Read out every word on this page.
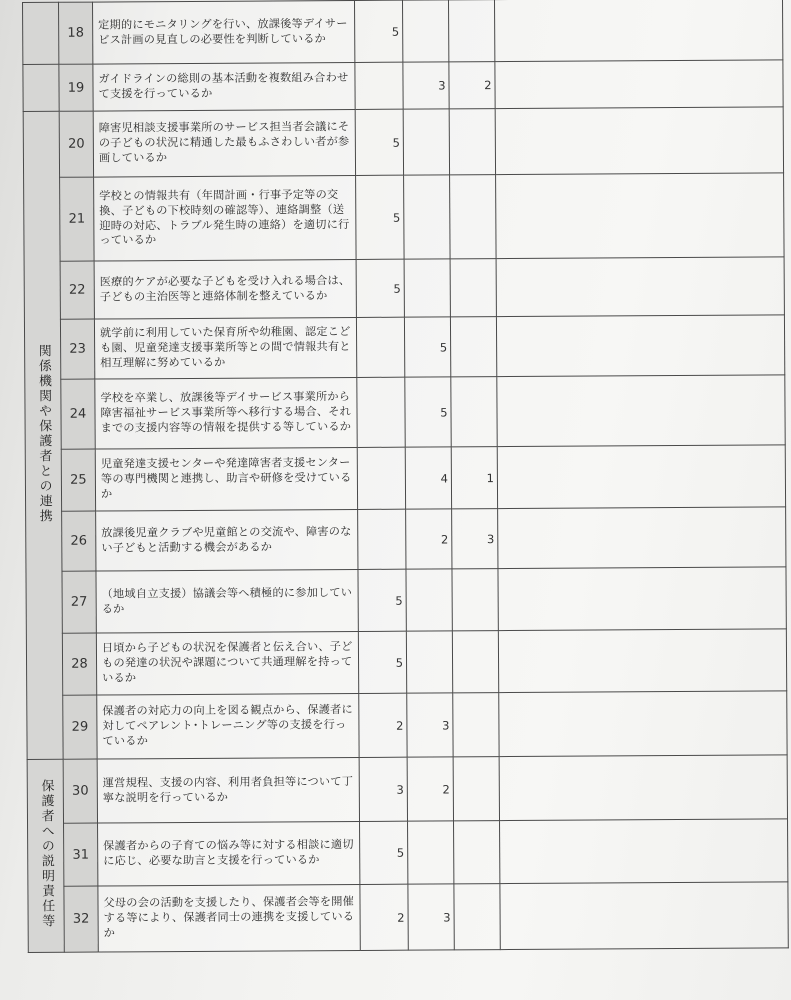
	18	定期的にモニタリングを行い、放課後等デイサービス計画の見直しの必要性を判断しているか	5			
	19	ガイドラインの総則の基本活動を複数組み合わせて支援を行っているか		3	2	
関係機関や保護者との連携	20	障害児相談支援事業所のサービス担当者会議にその子どもの状況に精通した最もふさわしい者が参画しているか	5			
	21	学校との情報共有（年間計画・行事予定等の交換、子どもの下校時刻の確認等）、連絡調整（送迎時の対応、トラブル発生時の連絡）を適切に行っているか	5			
	22	医療的ケアが必要な子どもを受け入れる場合は、子どもの主治医等と連絡体制を整えているか	5			
	23	就学前に利用していた保育所や幼稚園、認定こども園、児童発達支援事業所等との間で情報共有と相互理解に努めているか		5		
	24	学校を卒業し、放課後等デイサービス事業所から障害福祉サービス事業所等へ移行する場合、それまでの支援内容等の情報を提供する等しているか		5		
	25	児童発達支援センターや発達障害者支援センター等の専門機関と連携し、助言や研修を受けているか		4	1	
	26	放課後児童クラブや児童館との交流や、障害のない子どもと活動する機会があるか		2	3	
	27	（地域自立支援）協議会等へ積極的に参加しているか	5			
	28	日頃から子どもの状況を保護者と伝え合い、子どもの発達の状況や課題について共通理解を持っているか	5			
	29	保護者の対応力の向上を図る観点から、保護者に対してペアレント･トレーニング等の支援を行っているか	2	3		
保護者への説明責任等	30	運営規程、支援の内容、利用者負担等について丁寧な説明を行っているか	3	2		
	31	保護者からの子育ての悩み等に対する相談に適切に応じ、必要な助言と支援を行っているか	5			
	32	父母の会の活動を支援したり、保護者会等を開催する等により、保護者同士の連携を支援しているか	2	3		
